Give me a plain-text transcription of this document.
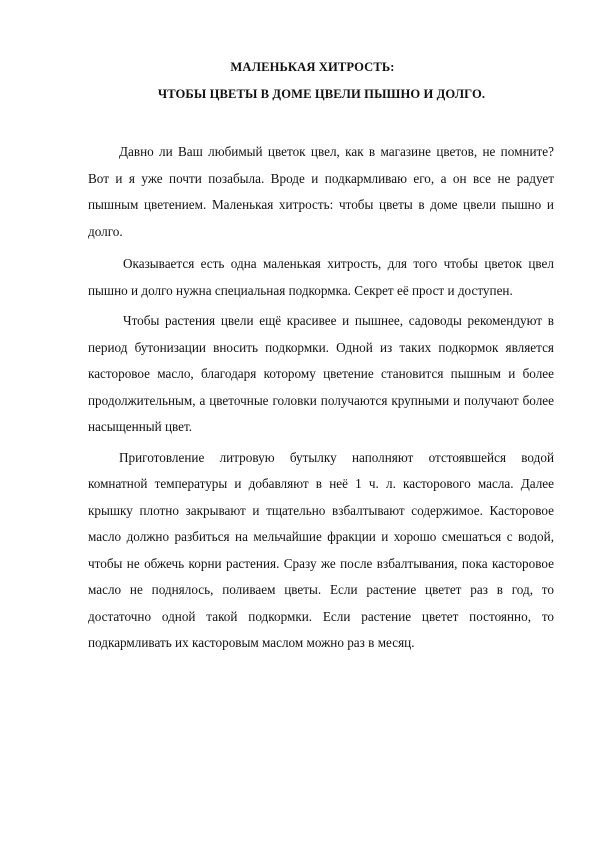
МАЛЕНЬКАЯ ХИТРОСТЬ:
ЧТОБЫ ЦВЕТЫ В ДОМЕ ЦВЕЛИ ПЫШНО И ДОЛГО.

Давно ли Ваш любимый цветок цвел, как в магазине цветов, не помните? Вот и я уже почти позабыла. Вроде и подкармливаю его, а он все не радует пышным цветением. Маленькая хитрость: чтобы цветы в доме цвели пышно и долго.

Оказывается есть одна маленькая хитрость, для того чтобы цветок цвел пышно и долго нужна специальная подкормка. Секрет её прост и доступен.

Чтобы растения цвели ещё красивее и пышнее, садоводы рекомендуют в период бутонизации вносить подкормки. Одной из таких подкормок является касторовое масло, благодаря которому цветение становится пышным и более продолжительным, а цветочные головки получаются крупными и получают более насыщенный цвет.

Приготовление литровую бутылку наполняют отстоявшейся водой комнатной температуры и добавляют в неё 1 ч. л. касторового масла. Далее крышку плотно закрывают и тщательно взбалтывают содержимое. Касторовое масло должно разбиться на мельчайшие фракции и хорошо смешаться с водой, чтобы не обжечь корни растения. Сразу же после взбалтывания, пока касторовое масло не поднялось, поливаем цветы. Если растение цветет раз в год, то достаточно одной такой подкормки. Если растение цветет постоянно, то подкармливать их касторовым маслом можно раз в месяц.
